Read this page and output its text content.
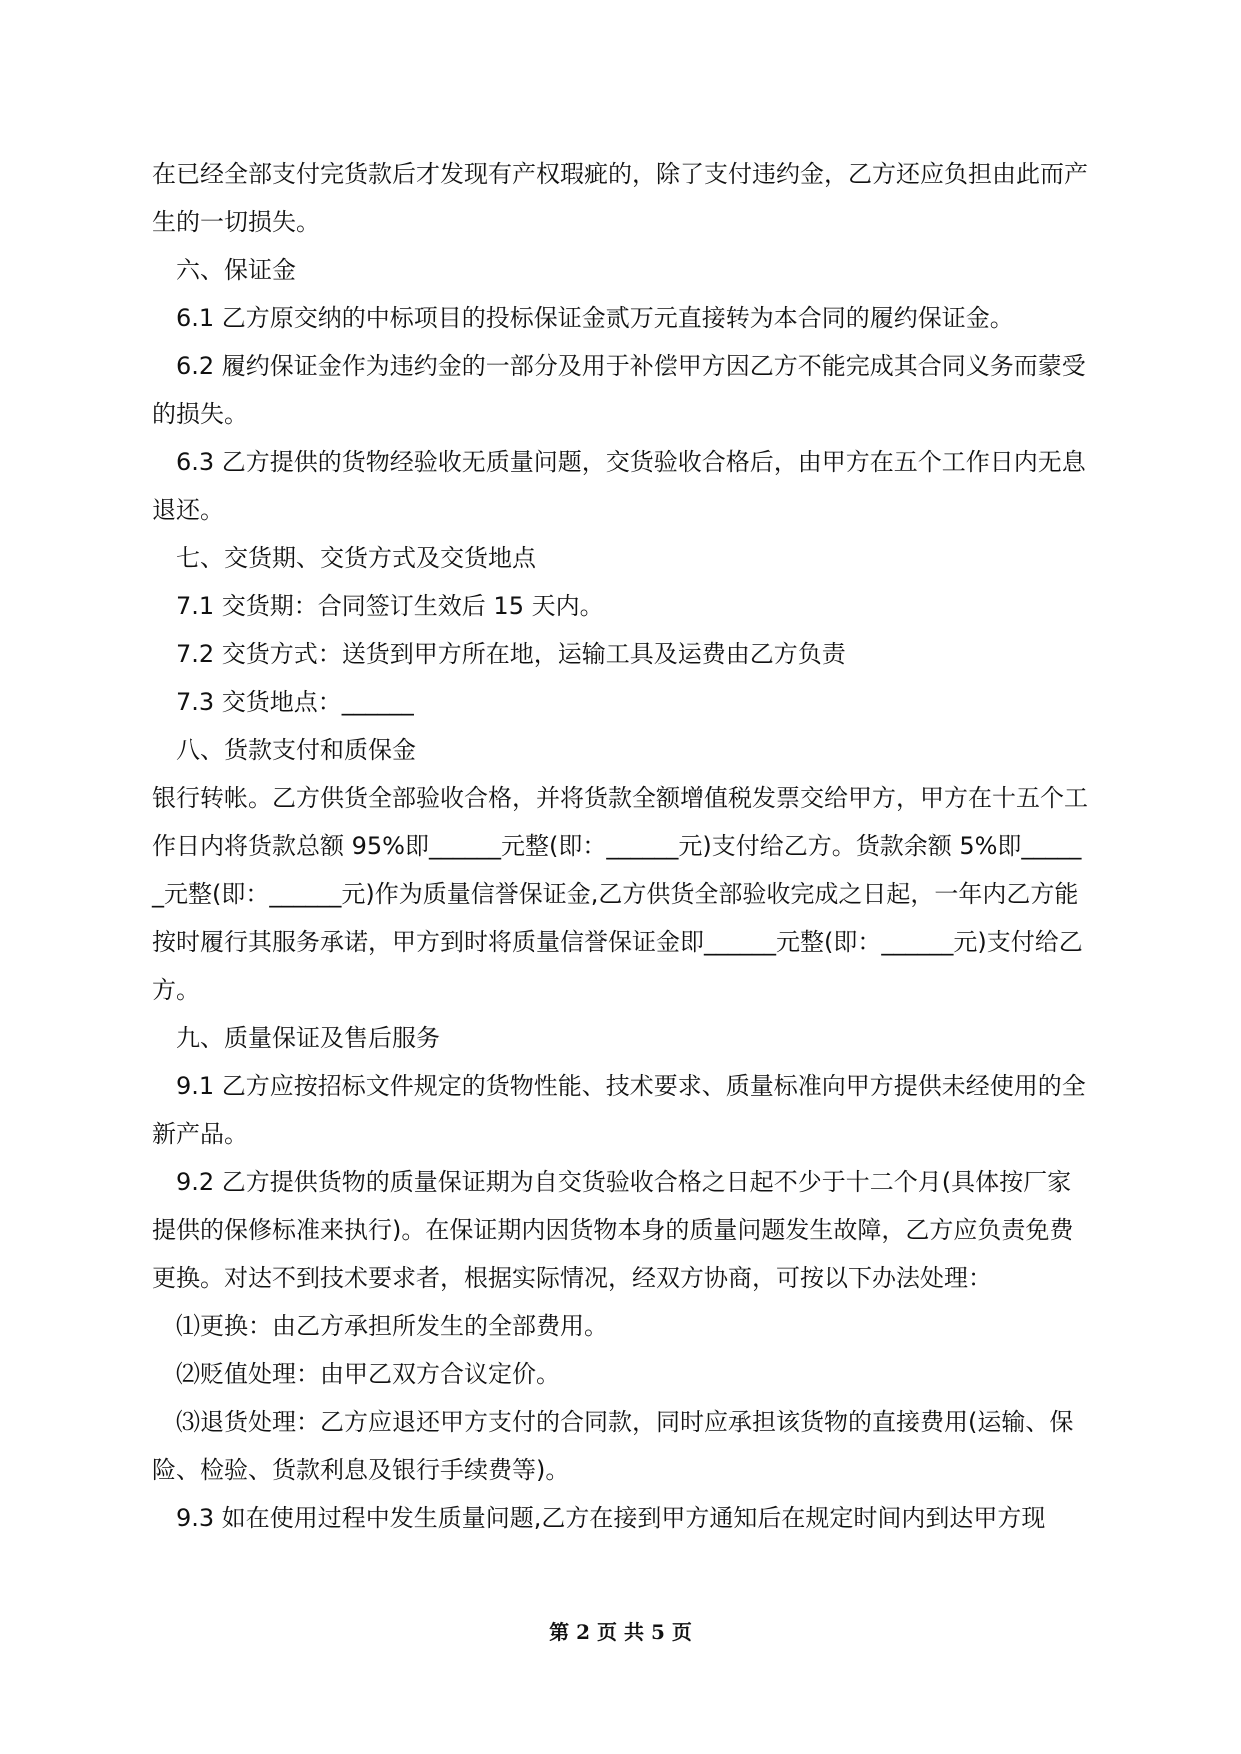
在已经全部支付完货款后才发现有产权瑕疵的，除了支付违约金，乙方还应负担由此而产生的一切损失。

六、保证金

6.1 乙方原交纳的中标项目的投标保证金贰万元直接转为本合同的履约保证金。

6.2 履约保证金作为违约金的一部分及用于补偿甲方因乙方不能完成其合同义务而蒙受的损失。

6.3 乙方提供的货物经验收无质量问题，交货验收合格后，由甲方在五个工作日内无息退还。

七、交货期、交货方式及交货地点

7.1 交货期：合同签订生效后 15 天内。

7.2 交货方式：送货到甲方所在地，运输工具及运费由乙方负责

7.3 交货地点：______

八、货款支付和质保金

银行转帐。乙方供货全部验收合格，并将货款全额增值税发票交给甲方，甲方在十五个工作日内将货款总额 95%即______元整(即：______元)支付给乙方。货款余额 5%即______元整(即：______元)作为质量信誉保证金,乙方供货全部验收完成之日起，一年内乙方能按时履行其服务承诺，甲方到时将质量信誉保证金即______元整(即：______元)支付给乙方。

九、质量保证及售后服务

9.1 乙方应按招标文件规定的货物性能、技术要求、质量标准向甲方提供未经使用的全新产品。

9.2 乙方提供货物的质量保证期为自交货验收合格之日起不少于十二个月(具体按厂家提供的保修标准来执行)。在保证期内因货物本身的质量问题发生故障，乙方应负责免费更换。对达不到技术要求者，根据实际情况，经双方协商，可按以下办法处理：

⑴更换：由乙方承担所发生的全部费用。

⑵贬值处理：由甲乙双方合议定价。

⑶退货处理：乙方应退还甲方支付的合同款，同时应承担该货物的直接费用(运输、保险、检验、货款利息及银行手续费等)。

9.3 如在使用过程中发生质量问题,乙方在接到甲方通知后在规定时间内到达甲方现

第 2 页 共 5 页
